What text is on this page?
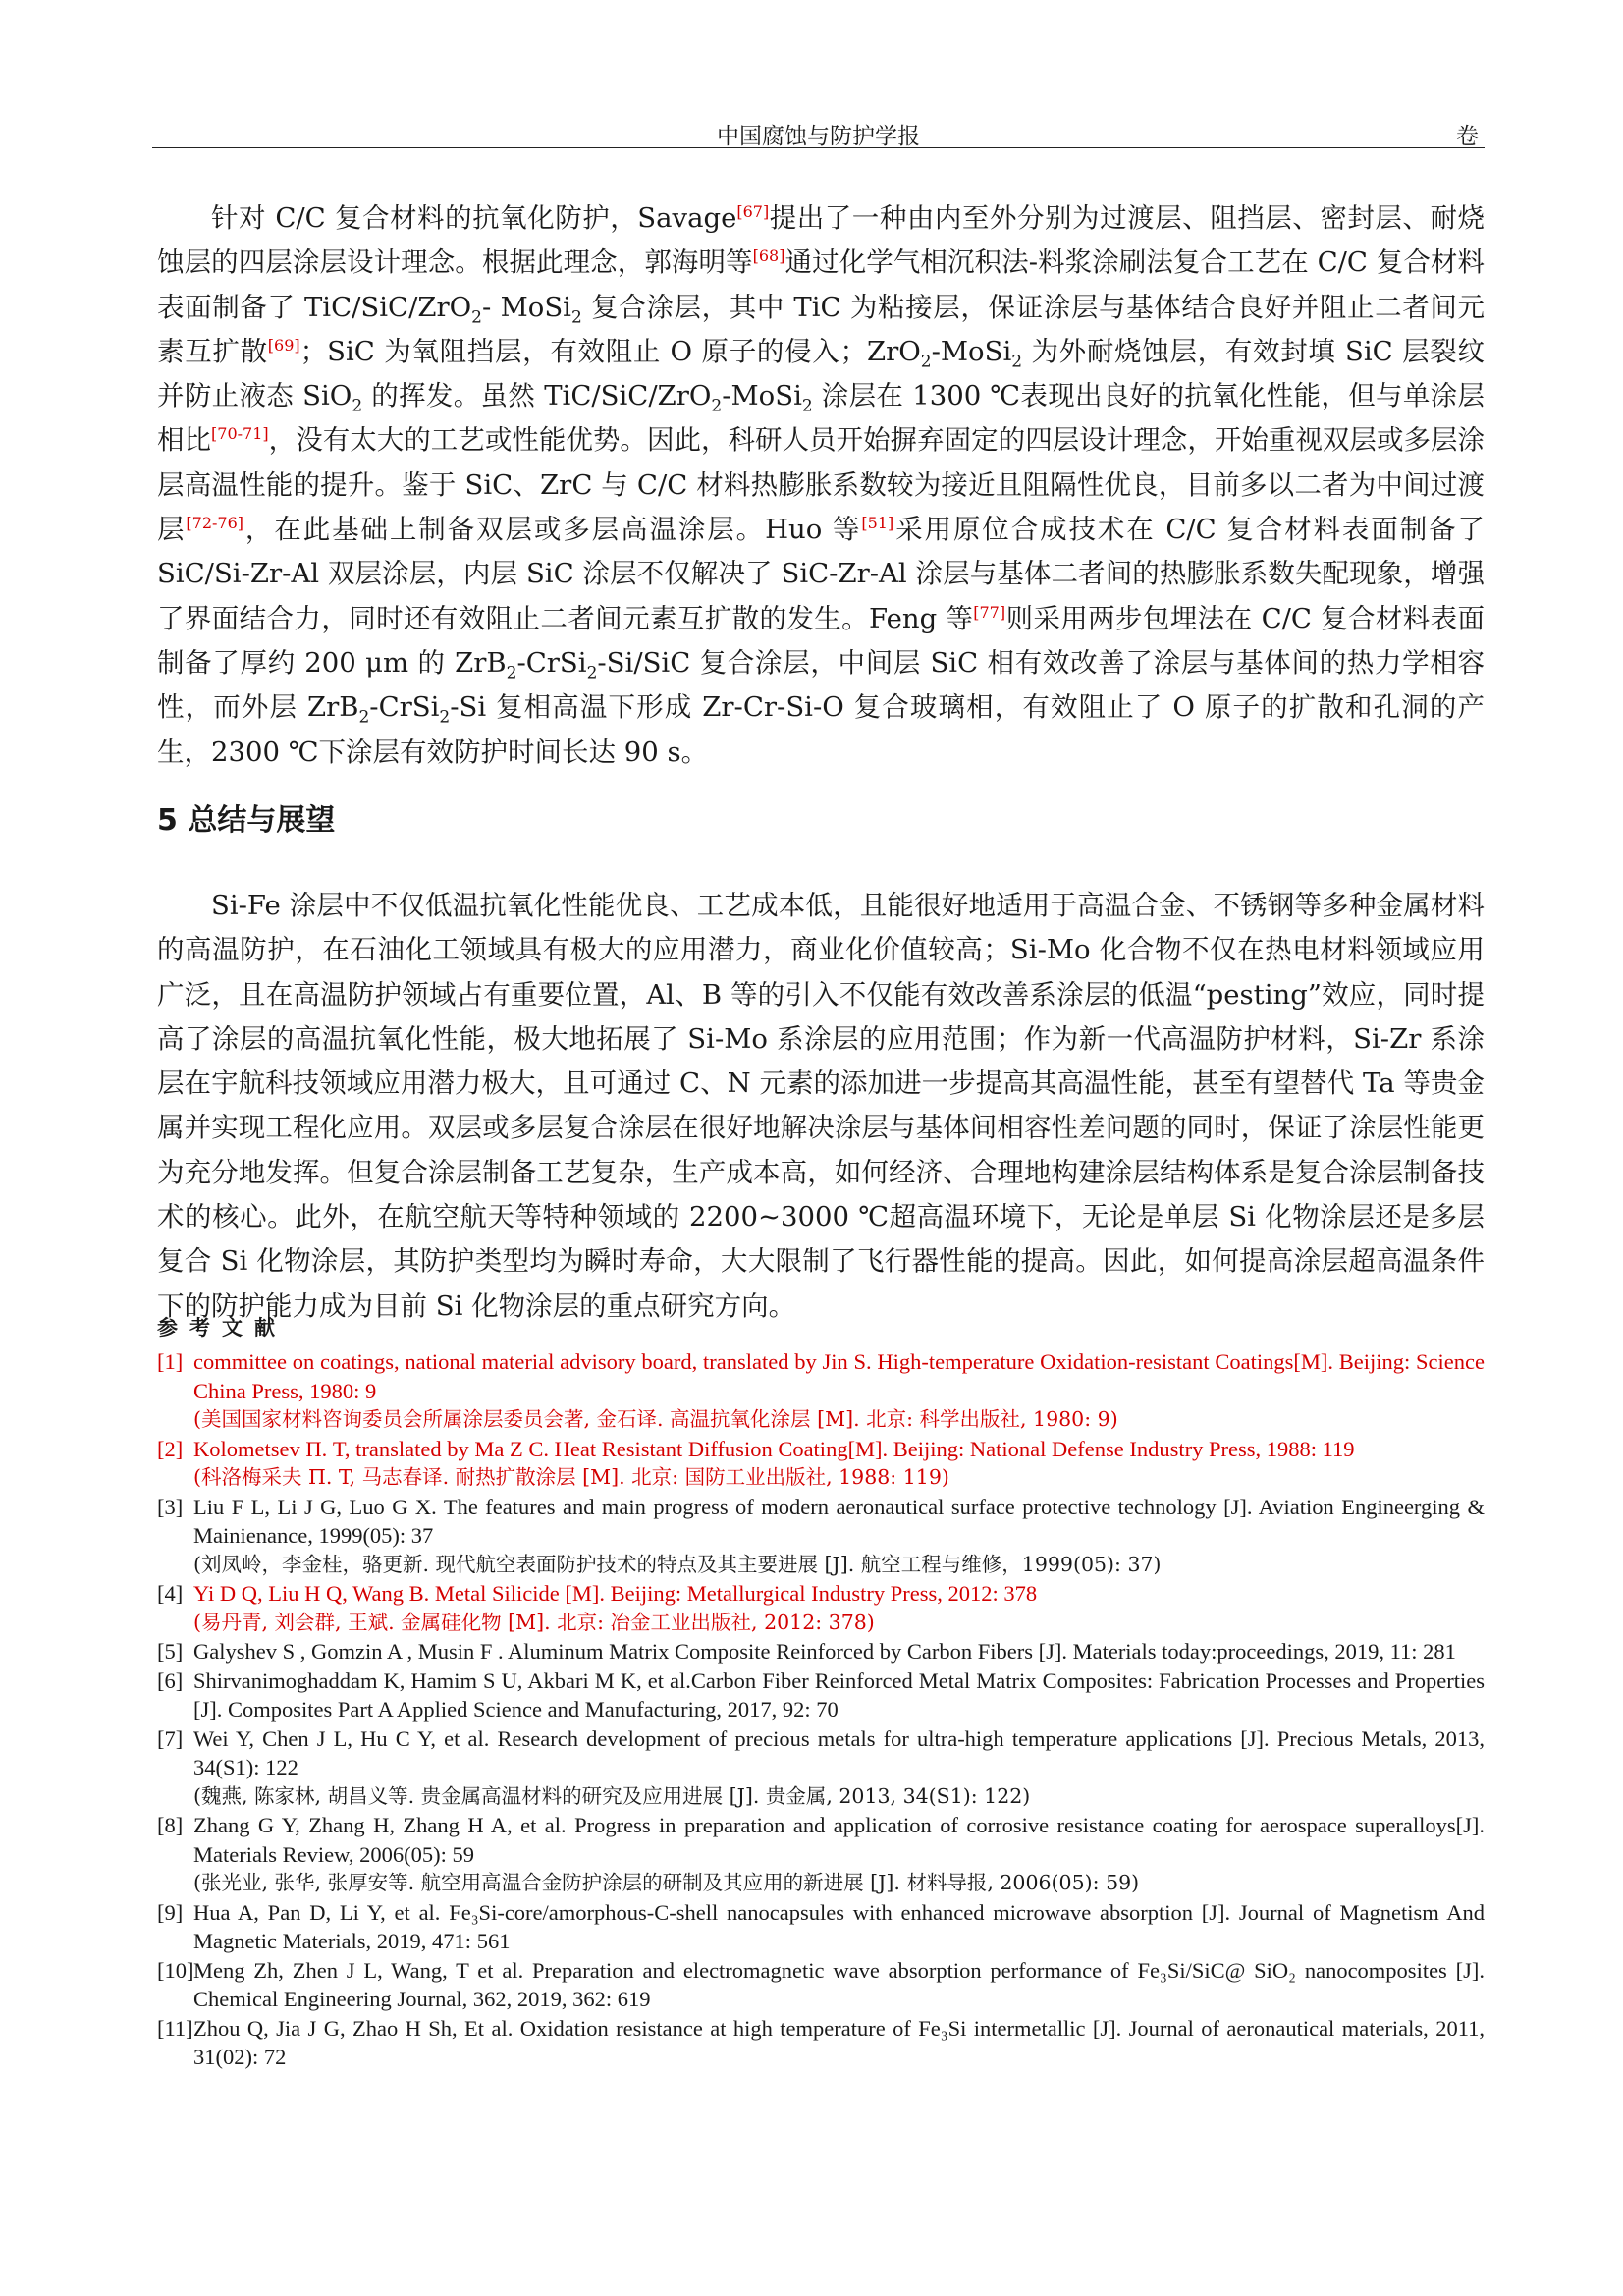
中国腐蚀与防护学报	卷

针对 C/C 复合材料的抗氧化防护，Savage[67]提出了一种由内至外分别为过渡层、阻挡层、密封层、耐烧蚀层的四层涂层设计理念。根据此理念，郭海明等[68]通过化学气相沉积法-料浆涂刷法复合工艺在 C/C 复合材料表面制备了 TiC/SiC/ZrO$_2$- MoSi$_2$ 复合涂层，其中 TiC 为粘接层，保证涂层与基体结合良好并阻止二者间元素互扩散[69]；SiC 为氧阻挡层，有效阻止 O 原子的侵入；ZrO$_2$-MoSi$_2$ 为外耐烧蚀层，有效封填 SiC 层裂纹并防止液态 SiO$_2$ 的挥发。虽然 TiC/SiC/ZrO$_2$-MoSi$_2$ 涂层在 1300 ℃表现出良好的抗氧化性能，但与单涂层相比[70-71]，没有太大的工艺或性能优势。因此，科研人员开始摒弃固定的四层设计理念，开始重视双层或多层涂层高温性能的提升。鉴于 SiC、ZrC 与 C/C 材料热膨胀系数较为接近且阻隔性优良，目前多以二者为中间过渡层[72-76]，在此基础上制备双层或多层高温涂层。Huo 等[51]采用原位合成技术在 C/C 复合材料表面制备了 SiC/Si-Zr-Al 双层涂层，内层 SiC 涂层不仅解决了 SiC-Zr-Al 涂层与基体二者间的热膨胀系数失配现象，增强了界面结合力，同时还有效阻止二者间元素互扩散的发生。Feng 等[77]则采用两步包埋法在 C/C 复合材料表面制备了厚约 200 μm 的 ZrB$_2$-CrSi$_2$-Si/SiC 复合涂层，中间层 SiC 相有效改善了涂层与基体间的热力学相容性，而外层 ZrB$_2$-CrSi$_2$-Si 复相高温下形成 Zr-Cr-Si-O 复合玻璃相，有效阻止了 O 原子的扩散和孔洞的产生，2300 ℃下涂层有效防护时间长达 90 s。

5 总结与展望

Si-Fe 涂层中不仅低温抗氧化性能优良、工艺成本低，且能很好地适用于高温合金、不锈钢等多种金属材料的高温防护，在石油化工领域具有极大的应用潜力，商业化价值较高；Si-Mo 化合物不仅在热电材料领域应用广泛，且在高温防护领域占有重要位置，Al、B 等的引入不仅能有效改善系涂层的低温“pesting”效应，同时提高了涂层的高温抗氧化性能，极大地拓展了 Si-Mo 系涂层的应用范围；作为新一代高温防护材料，Si-Zr 系涂层在宇航科技领域应用潜力极大，且可通过 C、N 元素的添加进一步提高其高温性能，甚至有望替代 Ta 等贵金属并实现工程化应用。双层或多层复合涂层在很好地解决涂层与基体间相容性差问题的同时，保证了涂层性能更为充分地发挥。但复合涂层制备工艺复杂，生产成本高，如何经济、合理地构建涂层结构体系是复合涂层制备技术的核心。此外，在航空航天等特种领域的 2200~3000 ℃超高温环境下，无论是单层 Si 化物涂层还是多层复合 Si 化物涂层，其防护类型均为瞬时寿命，大大限制了飞行器性能的提高。因此，如何提高涂层超高温条件下的防护能力成为目前 Si 化物涂层的重点研究方向。

参考文献
[1] committee on coatings, national material advisory board, translated by Jin S. High-temperature Oxidation-resistant Coatings[M]. Beijing: Science China Press, 1980: 9
(美国国家材料咨询委员会所属涂层委员会著, 金石译. 高温抗氧化涂层 [M]. 北京: 科学出版社, 1980: 9)
[2] Kolometsev Π. T, translated by Ma Z C. Heat Resistant Diffusion Coating[M]. Beijing: National Defense Industry Press, 1988: 119
(科洛梅采夫 Π. T, 马志春译. 耐热扩散涂层 [M]. 北京: 国防工业出版社, 1988: 119)
[3] Liu F L, Li J G, Luo G X. The features and main progress of modern aeronautical surface protective technology [J]. Aviation Engineerging & Mainienance, 1999(05): 37
(刘凤岭，李金桂，骆更新. 现代航空表面防护技术的特点及其主要进展 [J]. 航空工程与维修，1999(05): 37)
[4] Yi D Q, Liu H Q, Wang B. Metal Silicide [M]. Beijing: Metallurgical Industry Press, 2012: 378
(易丹青, 刘会群, 王斌. 金属硅化物 [M]. 北京: 冶金工业出版社, 2012: 378)
[5] Galyshev S , Gomzin A , Musin F . Aluminum Matrix Composite Reinforced by Carbon Fibers [J]. Materials today:proceedings, 2019, 11: 281
[6] Shirvanimoghaddam K, Hamim S U, Akbari M K, et al.Carbon Fiber Reinforced Metal Matrix Composites: Fabrication Processes and Properties [J]. Composites Part A Applied Science and Manufacturing, 2017, 92: 70
[7] Wei Y, Chen J L, Hu C Y, et al. Research development of precious metals for ultra-high temperature applications [J]. Precious Metals, 2013, 34(S1): 122
(魏燕, 陈家林, 胡昌义等. 贵金属高温材料的研究及应用进展 [J]. 贵金属, 2013, 34(S1): 122)
[8] Zhang G Y, Zhang H, Zhang H A, et al. Progress in preparation and application of corrosive resistance coating for aerospace superalloys[J]. Materials Review, 2006(05): 59
(张光业, 张华, 张厚安等. 航空用高温合金防护涂层的研制及其应用的新进展 [J]. 材料导报, 2006(05): 59)
[9] Hua A, Pan D, Li Y, et al. Fe₃Si-core/amorphous-C-shell nanocapsules with enhanced microwave absorption [J]. Journal of Magnetism And Magnetic Materials, 2019, 471: 561
[10] Meng Zh, Zhen J L, Wang, T et al. Preparation and electromagnetic wave absorption performance of Fe₃Si/SiC@ SiO₂ nanocomposites [J]. Chemical Engineering Journal, 362, 2019, 362: 619
[11] Zhou Q, Jia J G, Zhao H Sh, Et al. Oxidation resistance at high temperature of Fe₃Si intermetallic [J]. Journal of aeronautical materials, 2011, 31(02): 72
